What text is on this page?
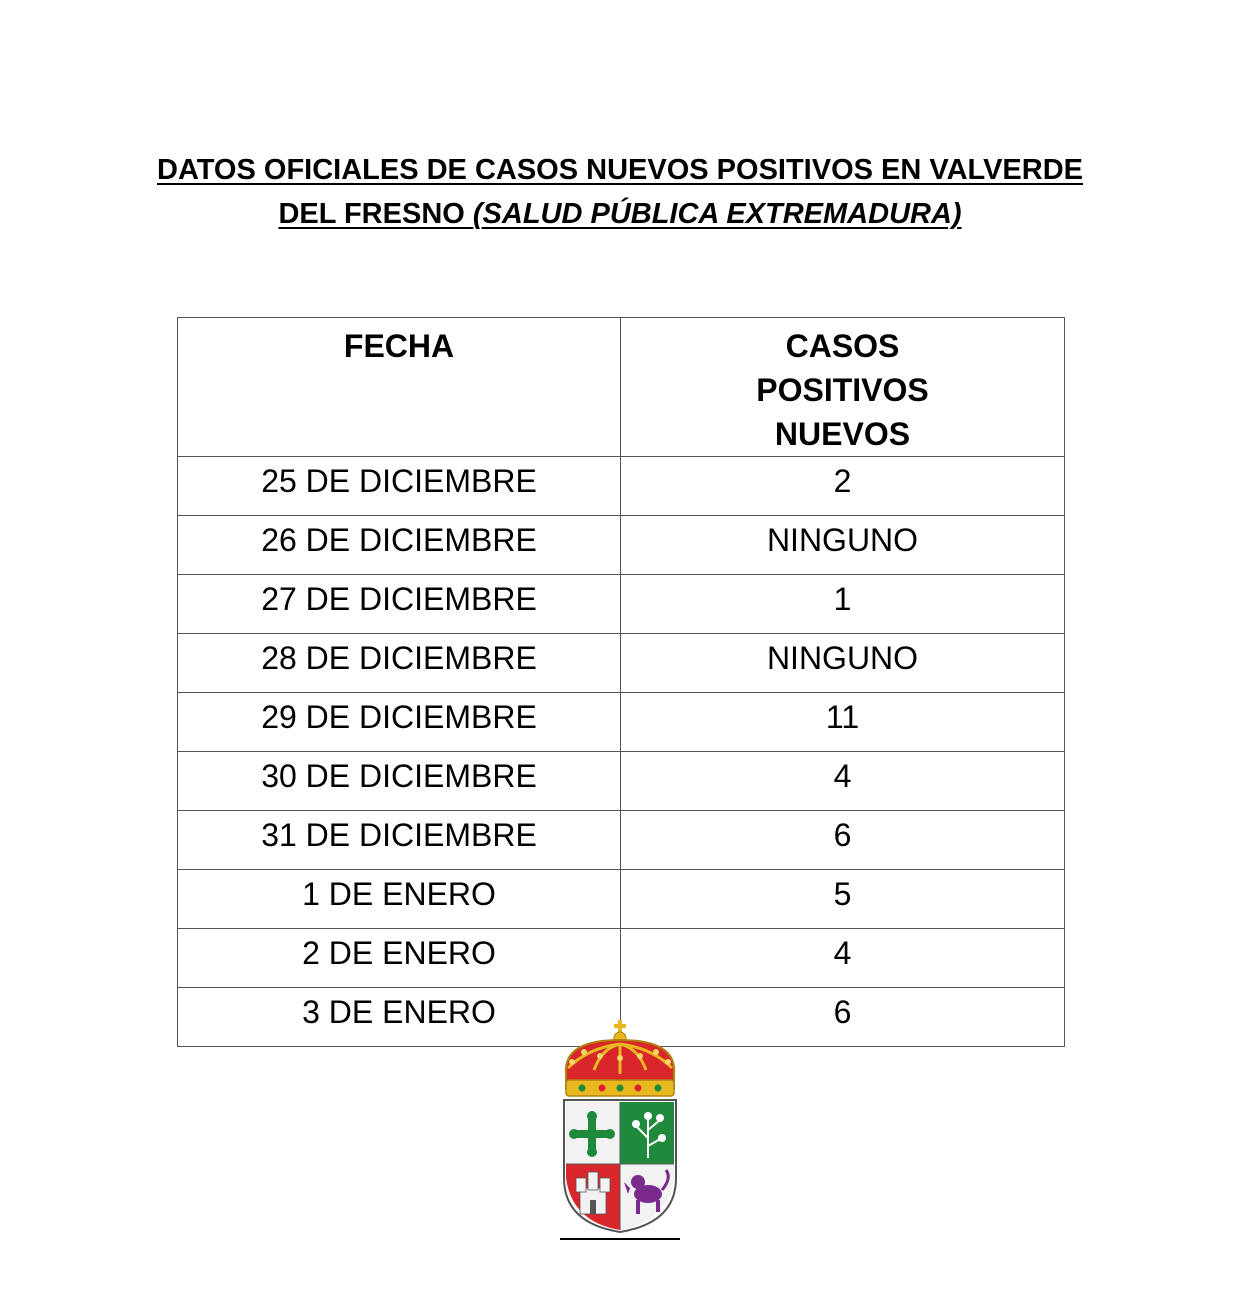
DATOS OFICIALES DE CASOS NUEVOS POSITIVOS EN VALVERDE
DEL FRESNO (SALUD PÚBLICA EXTREMADURA)
FECHA	CASOS POSITIVOS NUEVOS
25 DE DICIEMBRE	2
26 DE DICIEMBRE	NINGUNO
27 DE DICIEMBRE	1
28 DE DICIEMBRE	NINGUNO
29 DE DICIEMBRE	11
30 DE DICIEMBRE	4
31 DE DICIEMBRE	6
1 DE ENERO	5
2 DE ENERO	4
3 DE ENERO	6
